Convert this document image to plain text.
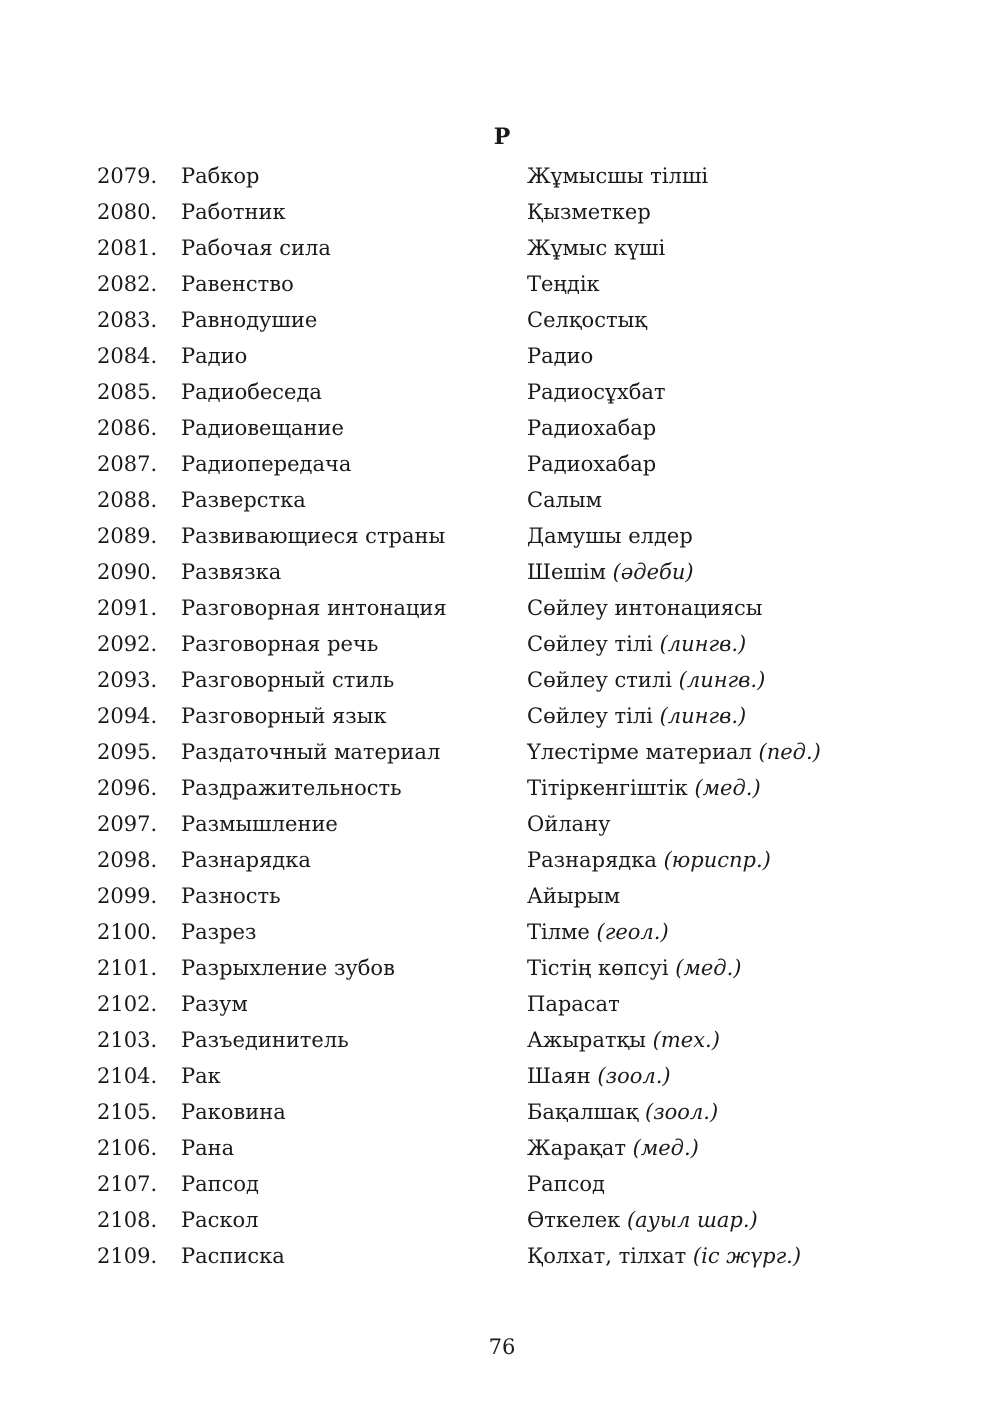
Р
2079.	Рабкор	Жұмысшы тілші
2080.	Работник	Қызметкер
2081.	Рабочая сила	Жұмыс күші
2082.	Равенство	Теңдік
2083.	Равнодушие	Селқостық
2084.	Радио	Радио
2085.	Радиобеседа	Радиосұхбат
2086.	Радиовещание	Радиохабар
2087.	Радиопередача	Радиохабар
2088.	Разверстка	Салым
2089.	Развивающиеся страны	Дамушы елдер
2090.	Развязка	Шешім (әдеби)
2091.	Разговорная интонация	Сөйлеу интонациясы
2092.	Разговорная речь	Сөйлеу тілі (лингв.)
2093.	Разговорный стиль	Сөйлеу стилі (лингв.)
2094.	Разговорный язык	Сөйлеу тілі (лингв.)
2095.	Раздаточный материал	Үлестірме материал (пед.)
2096.	Раздражительность	Тітіркенгіштік (мед.)
2097.	Размышление	Ойлану
2098.	Разнарядка	Разнарядка (юриспр.)
2099.	Разность	Айырым
2100.	Разрез	Тілме (геол.)
2101.	Разрыхление зубов	Тістің көпсуі (мед.)
2102.	Разум	Парасат
2103.	Разъединитель	Ажыратқы (тех.)
2104.	Рак	Шаян (зоол.)
2105.	Раковина	Бақалшақ (зоол.)
2106.	Рана	Жарақат (мед.)
2107.	Рапсод	Рапсод
2108.	Раскол	Өткелек (ауыл шар.)
2109.	Расписка	Қолхат, тілхат (іс жүрг.)
76
